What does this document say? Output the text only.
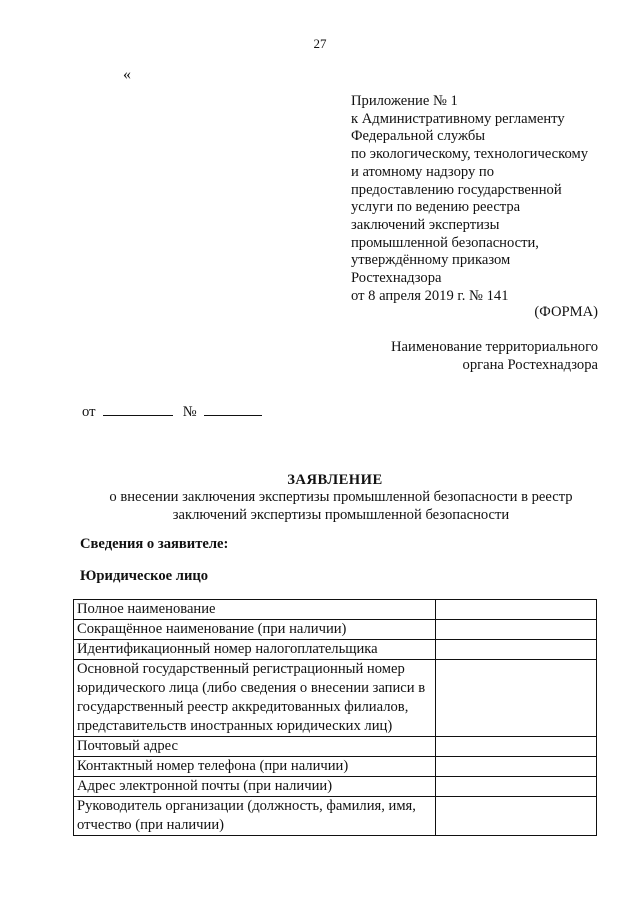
27
«
Приложение № 1
к Административному регламенту
Федеральной службы
по экологическому, технологическому
и атомному надзору по
предоставлению государственной
услуги по ведению реестра
заключений экспертизы
промышленной безопасности,
утверждённому приказом
Ростехнадзора
от 8 апреля 2019 г. № 141
(ФОРМА)
Наименование территориального
органа Ростехнадзора
от	№
ЗАЯВЛЕНИЕ
о внесении заключения экспертизы промышленной безопасности в реестр
заключений экспертизы промышленной безопасности
Сведения о заявителе:
Юридическое лицо
Полное наименование	
Сокращённое наименование (при наличии)	
Идентификационный номер налогоплательщика	
Основной государственный регистрационный номер юридического лица (либо сведения о внесении записи в государственный реестр аккредитованных филиалов, представительств иностранных юридических лиц)	
Почтовый адрес	
Контактный номер телефона (при наличии)	
Адрес электронной почты (при наличии)	
Руководитель организации (должность, фамилия, имя, отчество (при наличии)	
